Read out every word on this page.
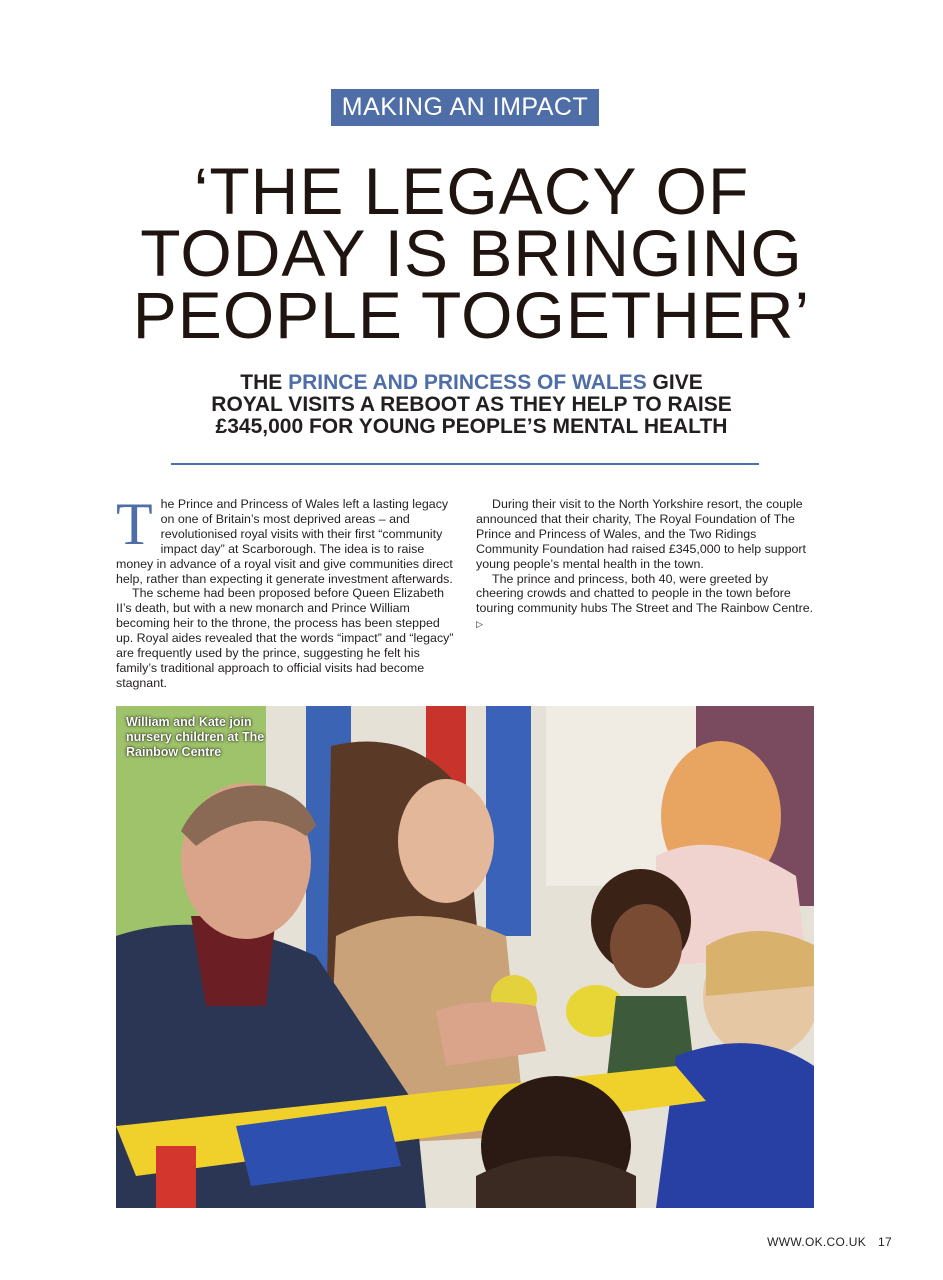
MAKING AN IMPACT
‘THE LEGACY OF
TODAY IS BRINGING
PEOPLE TOGETHER’
THE PRINCE AND PRINCESS OF WALES GIVE
ROYAL VISITS A REBOOT AS THEY HELP TO RAISE
£345,000 FOR YOUNG PEOPLE’S MENTAL HEALTH

The Prince and Princess of Wales left a lasting legacy on one of Britain’s most deprived areas – and revolutionised royal visits with their first “community impact day” at Scarborough. The idea is to raise money in advance of a royal visit and give communities direct help, rather than expecting it generate investment afterwards.

The scheme had been proposed before Queen Elizabeth II’s death, but with a new monarch and Prince William becoming heir to the throne, the process has been stepped up. Royal aides revealed that the words “impact” and “legacy” are frequently used by the prince, suggesting he felt his family’s traditional approach to official visits had become stagnant.

During their visit to the North Yorkshire resort, the couple announced that their charity, The Royal Foundation of The Prince and Princess of Wales, and the Two Ridings Community Foundation had raised £345,000 to help support young people’s mental health in the town.

The prince and princess, both 40, were greeted by cheering crowds and chatted to people in the town before touring community hubs The Street and The Rainbow Centre. ▷

William and Kate join nursery children at The Rainbow Centre
WWW.OK.CO.UK 17
